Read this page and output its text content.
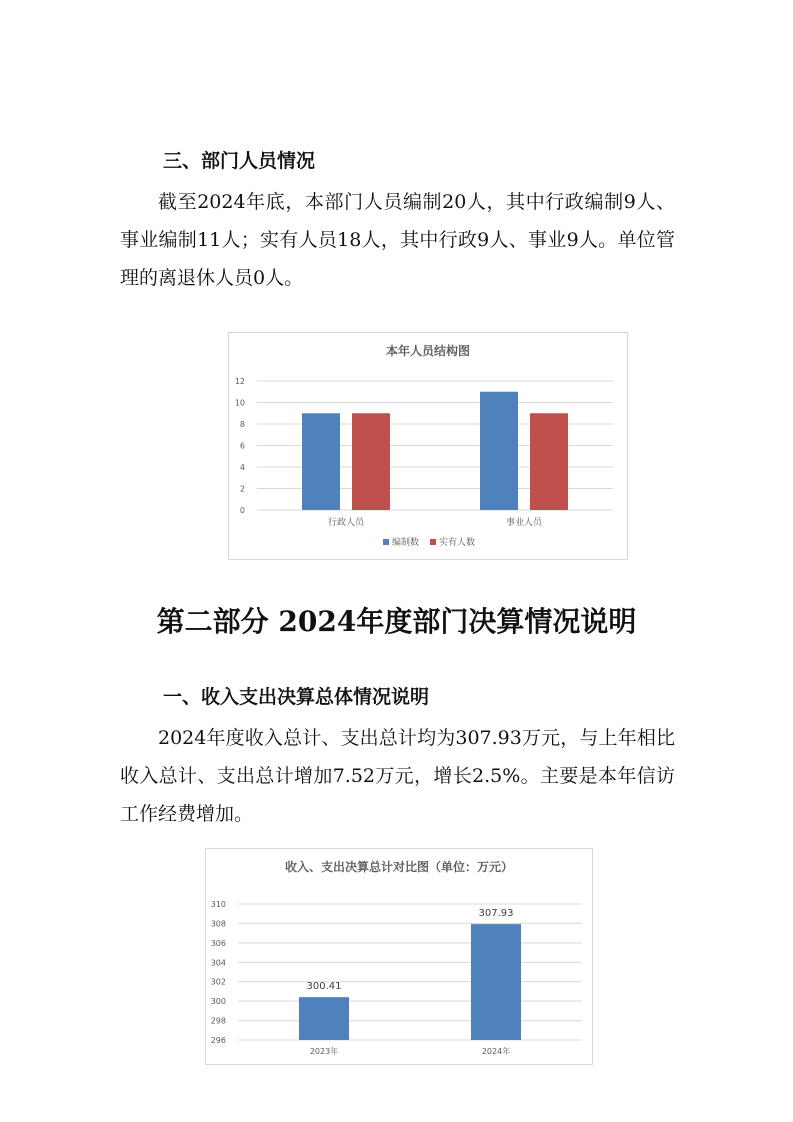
三、部门人员情况

截至2024年底，本部门人员编制20人，其中行政编制9人、事业编制11人；实有人员18人，其中行政9人、事业9人。单位管理的离退休人员0人。

本年人员结构图
0
2
4
6
8
10
12
行政人员	事业人员
编制数 实有人数
第二部分 2024年度部门决算情况说明
一、收入支出决算总体情况说明

2024年度收入总计、支出总计均为307.93万元，与上年相比收入总计、支出总计增加7.52万元，增长2.5%。主要是本年信访工作经费增加。

收入、支出决算总计对比图（单位：万元）
296
298
300
302
304
306
308
310
300.41
307.93
2023年	2024年
